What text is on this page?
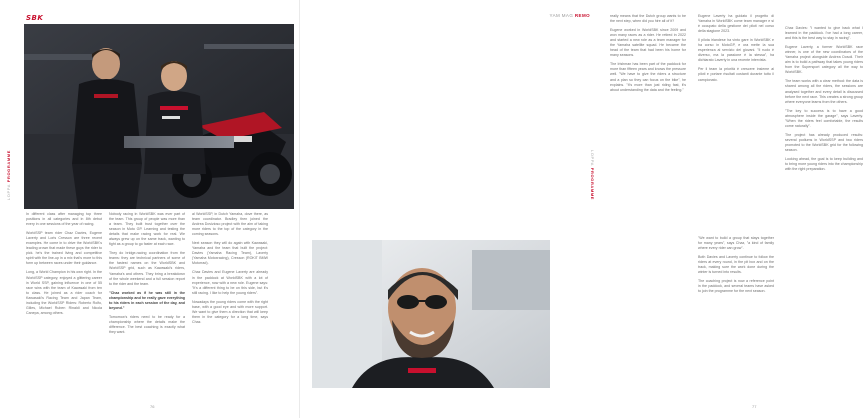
SBK
LOPPA PROGRAMME

In different class after managing top three positions in all categories and in 8th debut every in one sessions of the year of racing.

WorldSSP team rider Chaz Davies, Eugene Laverty and Loris Cresson are three recent examples. He come in to drive the WorldSBK's leading crown that made these guys the rider to pick. he's the trained living and competitive spirit with the line-up in a mix that's more to this form up between races under their guidance.

Long, a World Champion in his own right. In the WorldSSP category, enjoyed a glittering career in World SSP, gaining influence in one of 55 race wins with the team of Kawasaki from ten to class. He joined as a rider coach for Kawasaki's Racing Team and Japan Team, including the WorldSSP Riders: Roberto Rolfo, Gilles, Michael Ruben Rinaldi and Nicola Canepa, among others.

Nobody racing in WorldSBK was ever part of the team. This group of people was more than a team. They built trust together over the season in Moto GP. Learning and testing the details that make racing work for real. We always grew up on the same track, wanting to fight as a group to go faster at each race.

They do bridge-racing coordination from the teams: they are technical partners of some of the fastest names on the WorldSBK and WorldSSP grid, such as Kawasaki's riders, Yamaha's and others. They bring a breakdown of the whole weekend and a full session report to the rider and the team.

"Chaz worked as if he was still in the championship and he really gave everything to his riders in each session of the day, and beyond."

Tomorrow's riders need to be ready for a championship where the details make the difference. The best coaching is exactly what they want.

al WorldSSP, in Dutch Yamaha, dove there, as team coordinator. Bradley then joined the Andrea Dovizioso project with the aim of taking more riders to the top of the category in the coming seasons.

Next season they will do again with Kawasaki, Yamaha and the team that built the project: Davies (Yamaha Racing Team), Laverty (Yamaha Motoxracing), Cresson (ROKiT BMW Motorrad).

Chaz Davies and Eugene Laverty are already in the paddock at WorldSBK with a lot of experience, now with a new role. Eugene says: "It's a different thing to be on this side, but it's still racing. I like to help the young riders".

Nowadays the young riders come with the right base, with a good eye and with more support. We want to give them a direction that will keep them in the category for a long time, says Chaz.

76
YAM MAG REMO
LOPPA PROGRAMME

really means that the Dutch group wants to be the next step, when did you hire all of it?

Eugene worked in WorldSBK since 2009 and won many races as a rider. He retired in 2022 and started a new role as a team manager for the Yamaha satellite squad. He became the head of the team that had been his home for many seasons.

The Irishman has been part of the paddock for more than fifteen years and knows the pressure well. "We have to give the riders a structure and a plan so they can focus on the bike", he explains. "It's more than just riding fast, it's about understanding the data and the feeling."

Eugene Laverty ha guidato il progetto di Yamaha in WorldSBK come team manager e si è occupato della gestione dei piloti nel corso della stagione 2023.

Il pilota irlandese ha vinto gare in WorldSBK e ha corso in MotoGP, e ora mette la sua esperienza al servizio dei giovani. "Il ruolo è diverso, ma la passione è la stessa", ha dichiarato Laverty in una recente intervista.

Per il team la priorità è crescere insieme ai piloti e portare risultati costanti durante tutto il campionato.

Chaz Davies: "I wanted to give back what I learned in the paddock. I've had a long career, and this is the best way to stay in racing".

Eugene Laverty, a former WorldSBK race winner, is one of the new coordinators of the Yamaha project alongside Andrea Dosoli. Their aim is to build a pathway that takes young riders from the Supersport category all the way to WorldSBK.

The team works with a clear method: the data is shared among all the riders, the sessions are analysed together and every detail is discussed before the next race. This creates a strong group where everyone learns from the others.

"The key to success is to have a good atmosphere inside the garage", says Laverty. "When the riders feel comfortable, the results come naturally".

The project has already produced results: several podiums in WorldSSP and two riders promoted to the WorldSBK grid for the following season.

Looking ahead, the goal is to keep building and to bring more young riders into the championship with the right preparation.

"We want to build a group that stays together for many years", says Chaz, "a kind of family where every rider can grow".

Both Davies and Laverty continue to follow the riders at every round, in the pit box and on the track, making sure the work done during the winter is turned into results.

The coaching project is now a reference point in the paddock, and several teams have asked to join the programme for the next season.

77
